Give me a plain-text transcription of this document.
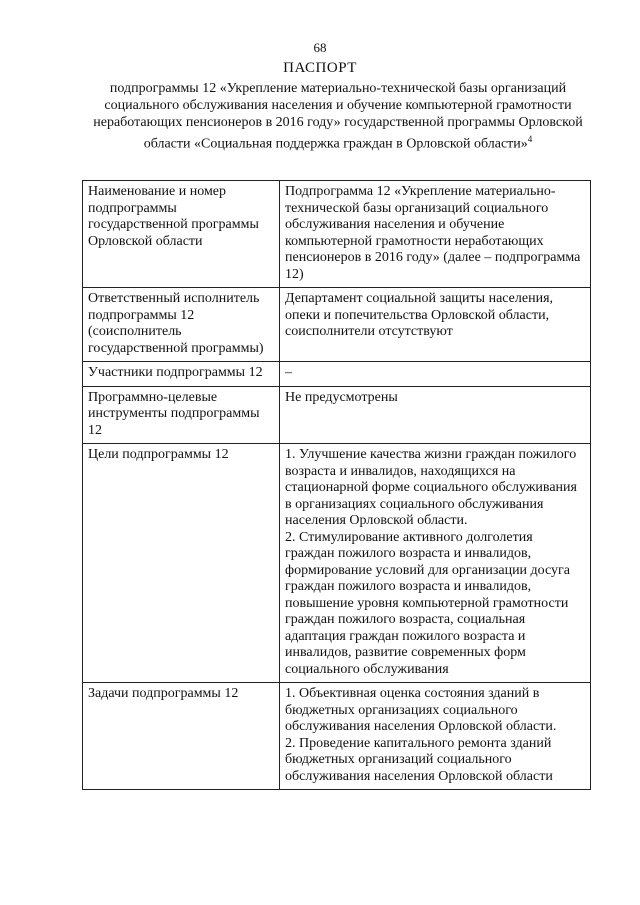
68
ПАСПОРТ
подпрограммы 12 «Укрепление материально-технической базы организаций социального обслуживания населения и обучение компьютерной грамотности неработающих пенсионеров в 2016 году» государственной программы Орловской области «Социальная поддержка граждан в Орловской области»$^4$
Наименование и номер подпрограммы государственной программы Орловской области	Подпрограмма 12 «Укрепление материально-технической базы организаций социального обслуживания населения и обучение компьютерной грамотности неработающих пенсионеров в 2016 году» (далее – подпрограмма 12)

Ответственный исполнитель подпрограммы 12 (соисполнитель государственной программы)	Департамент социальной защиты населения, опеки и попечительства Орловской области, соисполнители отсутствуют

Участники подпрограммы 12	–

Программно-целевые инструменты подпрограммы 12	Не предусмотрены

Цели подпрограммы 12	1. Улучшение качества жизни граждан пожилого возраста и инвалидов, находящихся на стационарной форме социального обслуживания в организациях социального обслуживания населения Орловской области.
2. Стимулирование активного долголетия граждан пожилого возраста и инвалидов, формирование условий для организации досуга граждан пожилого возраста и инвалидов, повышение уровня компьютерной грамотности граждан пожилого возраста, социальная адаптация граждан пожилого возраста и инвалидов, развитие современных форм социального обслуживания

Задачи подпрограммы 12	1. Объективная оценка состояния зданий в бюджетных организациях социального обслуживания населения Орловской области.
2. Проведение капитального ремонта зданий бюджетных организаций социального обслуживания населения Орловской области
